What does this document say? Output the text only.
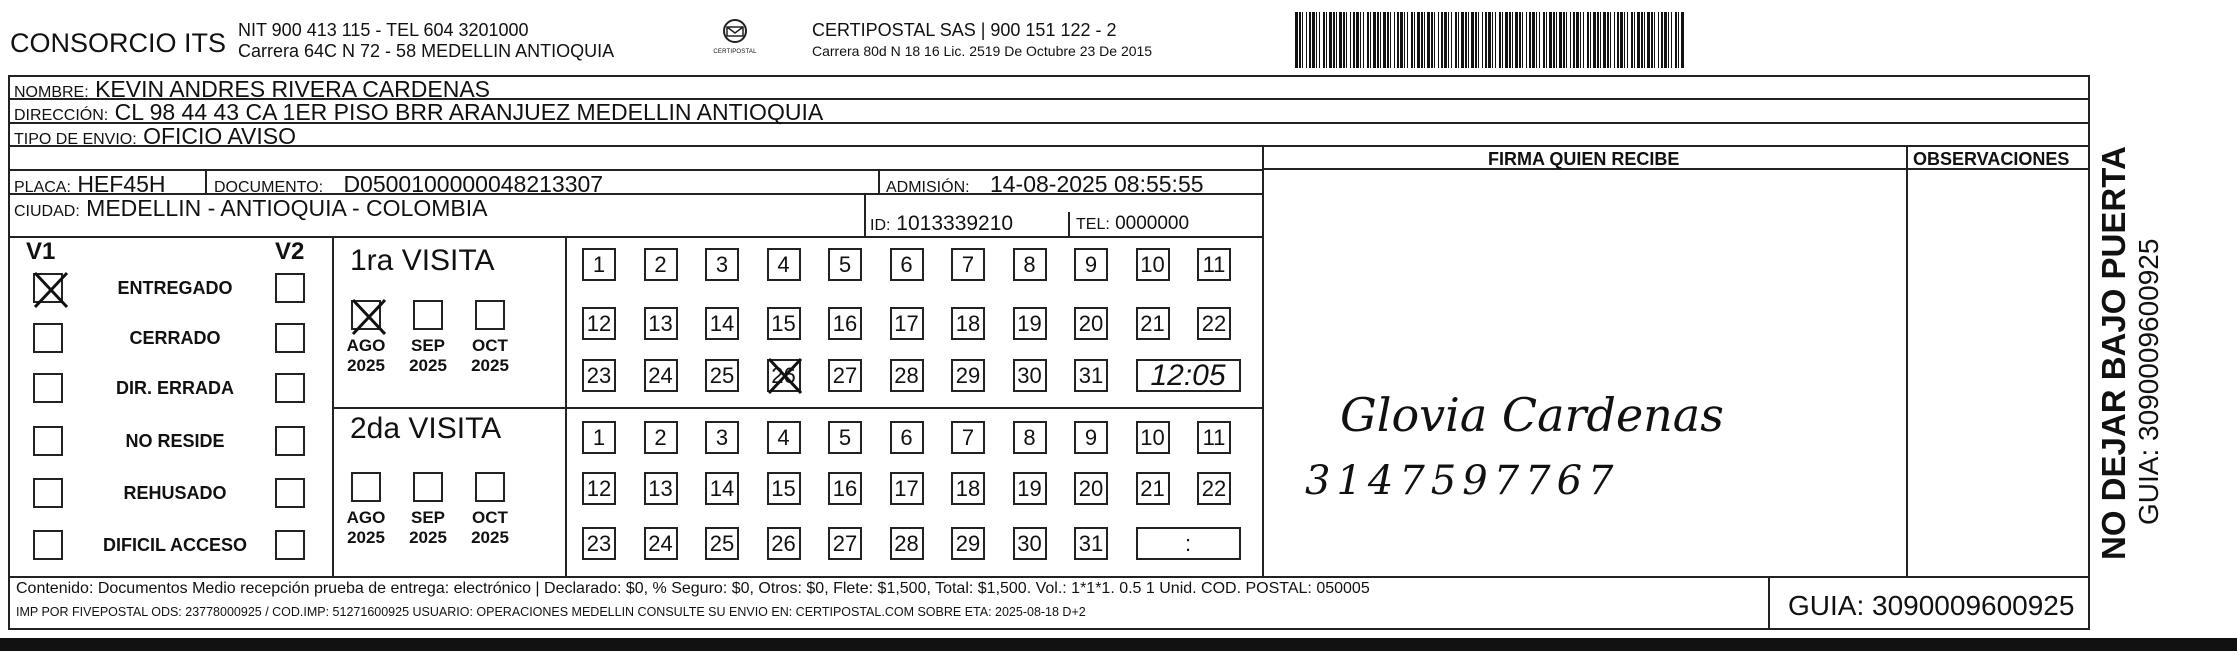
CONSORCIO ITS NIT 900 413 115 - TEL 604 3201000
Carrera 64C N 72 - 58 MEDELLIN ANTIOQUIA	CERTIPOSTAL
CERTIPOSTAL SAS | 900 151 122 - 2
Carrera 80d N 18 16 Lic. 2519 De Octubre 23 De 2015
NOMBRE: KEVIN ANDRES RIVERA CARDENAS
DIRECCIÓN: CL 98 44 43 CA 1ER PISO BRR ARANJUEZ MEDELLIN ANTIOQUIA
TIPO DE ENVIO: OFICIO AVISO
PLACA: HEF45H	DOCUMENTO: D0500100000048213307	ADMISIÓN: 14-08-2025 08:55:55
CIUDAD: MEDELLIN - ANTIOQUIA - COLOMBIA
ID: 1013339210	TEL: 0000000
V1	V2
ENTREGADO
CERRADO
DIR. ERRADA
NO RESIDE
REHUSADO
DIFICIL ACCESO
1ra VISITA
AGO
2025
SEP
2025
OCT
2025
1	2	3	4	5	6	7	8	9	10 11
12 13 14 15 16 17 18 19 20 21 22
23 24 25 26 27 28 29 30 31	12:05
2da VISITA
AGO
2025
SEP
2025
OCT
2025
1	2	3	4	5	6	7	8	9	10 11
12 13 14 15 16 17 18 19 20 21 22
23 24 25 26 27 28 29 30 31	:
FIRMA QUIEN RECIBE	OBSERVACIONES
Glovia Cardenas
3147597767
Contenido: Documentos Medio recepción prueba de entrega: electrónico | Declarado: $0, % Seguro: $0, Otros: $0, Flete: $1,500, Total: $1,500. Vol.: 1*1*1. 0.5 1 Unid. COD. POSTAL: 050005
IMP POR FIVEPOSTAL ODS: 23778000925 / COD.IMP: 51271600925 USUARIO: OPERACIONES MEDELLIN CONSULTE SU ENVIO EN: CERTIPOSTAL.COM SOBRE ETA: 2025-08-18 D+2	GUIA: 3090009600925
NO DEJAR BAJO PUERTA GUIA: 3090009600925
